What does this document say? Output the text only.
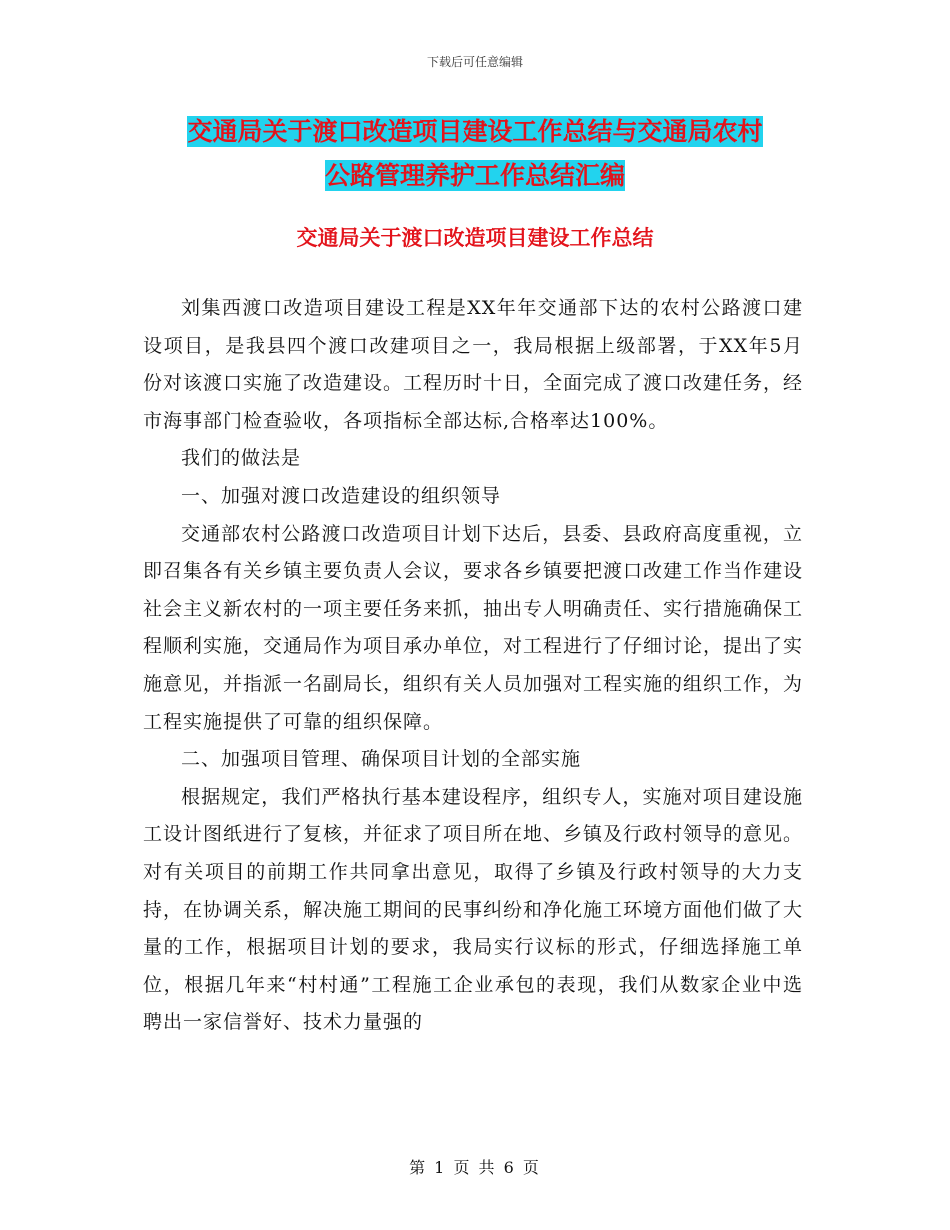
下载后可任意编辑
交通局关于渡口改造项目建设工作总结与交通局农村
公路管理养护工作总结汇编
交通局关于渡口改造项目建设工作总结

刘集西渡口改造项目建设工程是XX年年交通部下达的农村公路渡口建设项目，是我县四个渡口改建项目之一，我局根据上级部署，于XX年5月份对该渡口实施了改造建设。工程历时十日，全面完成了渡口改建任务，经市海事部门检查验收，各项指标全部达标,合格率达100%。

我们的做法是

一、加强对渡口改造建设的组织领导

交通部农村公路渡口改造项目计划下达后，县委、县政府高度重视，立即召集各有关乡镇主要负责人会议，要求各乡镇要把渡口改建工作当作建设社会主义新农村的一项主要任务来抓，抽出专人明确责任、实行措施确保工程顺利实施，交通局作为项目承办单位，对工程进行了仔细讨论，提出了实施意见，并指派一名副局长，组织有关人员加强对工程实施的组织工作，为工程实施提供了可靠的组织保障。

二、加强项目管理、确保项目计划的全部实施

根据规定，我们严格执行基本建设程序，组织专人，实施对项目建设施工设计图纸进行了复核，并征求了项目所在地、乡镇及行政村领导的意见。对有关项目的前期工作共同拿出意见，取得了乡镇及行政村领导的大力支持，在协调关系，解决施工期间的民事纠纷和净化施工环境方面他们做了大量的工作，根据项目计划的要求，我局实行议标的形式，仔细选择施工单位，根据几年来“村村通”工程施工企业承包的表现，我们从数家企业中选聘出一家信誉好、技术力量强的

第 1 页 共 6 页
